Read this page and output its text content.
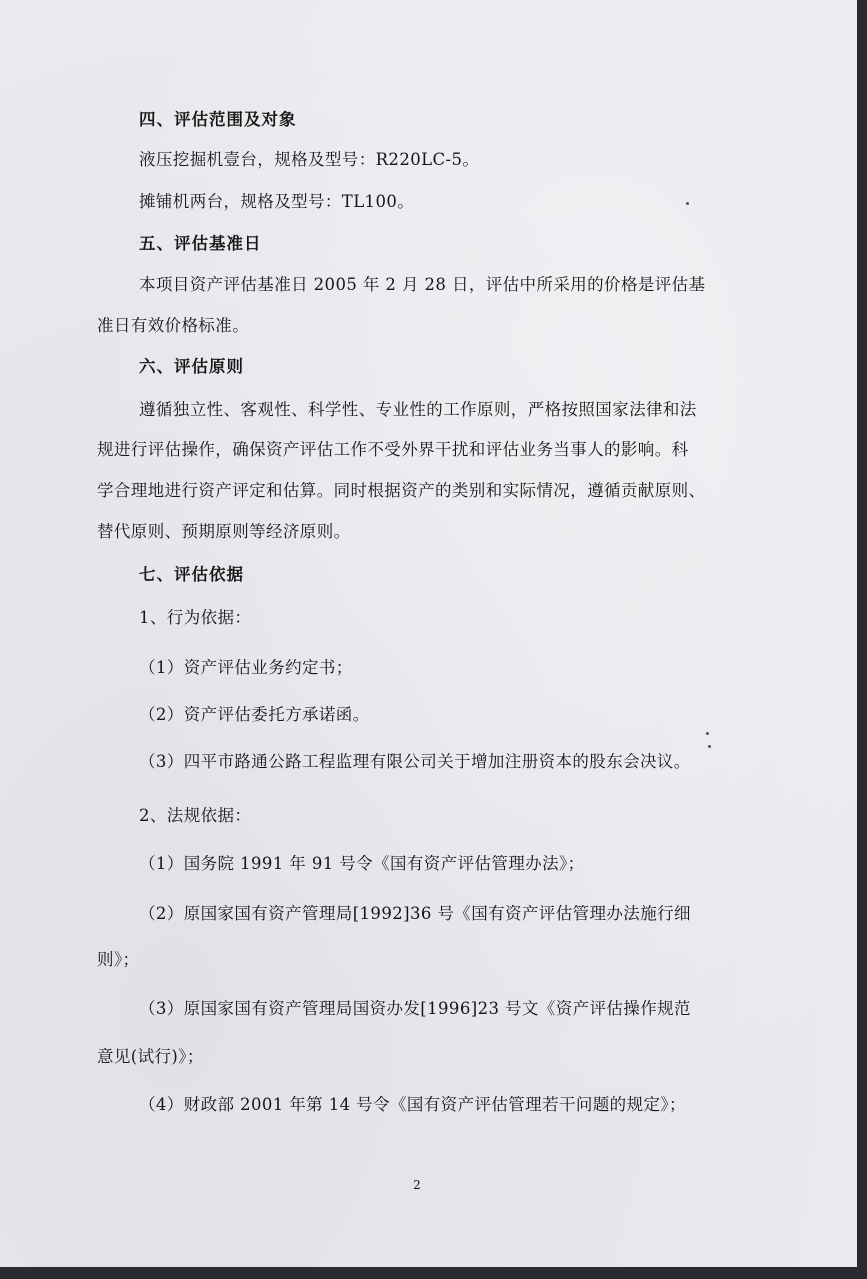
四、评估范围及对象
液压挖掘机壹台，规格及型号：R220LC-5。
摊铺机两台，规格及型号：TL100。
五、评估基准日
本项目资产评估基准日 2005 年 2 月 28 日，评估中所采用的价格是评估基
准日有效价格标准。
六、评估原则
遵循独立性、客观性、科学性、专业性的工作原则，严格按照国家法律和法
规进行评估操作，确保资产评估工作不受外界干扰和评估业务当事人的影响。科
学合理地进行资产评定和估算。同时根据资产的类别和实际情况，遵循贡献原则、
替代原则、预期原则等经济原则。
七、评估依据
1、行为依据：
（1）资产评估业务约定书；
（2）资产评估委托方承诺函。
（3）四平市路通公路工程监理有限公司关于增加注册资本的股东会决议。
2、法规依据：
（1）国务院 1991 年 91 号令《国有资产评估管理办法》；
（2）原国家国有资产管理局[1992]36 号《国有资产评估管理办法施行细
则》；
（3）原国家国有资产管理局国资办发[1996]23 号文《资产评估操作规范
意见(试行)》；
（4）财政部 2001 年第 14 号令《国有资产评估管理若干问题的规定》；
2
